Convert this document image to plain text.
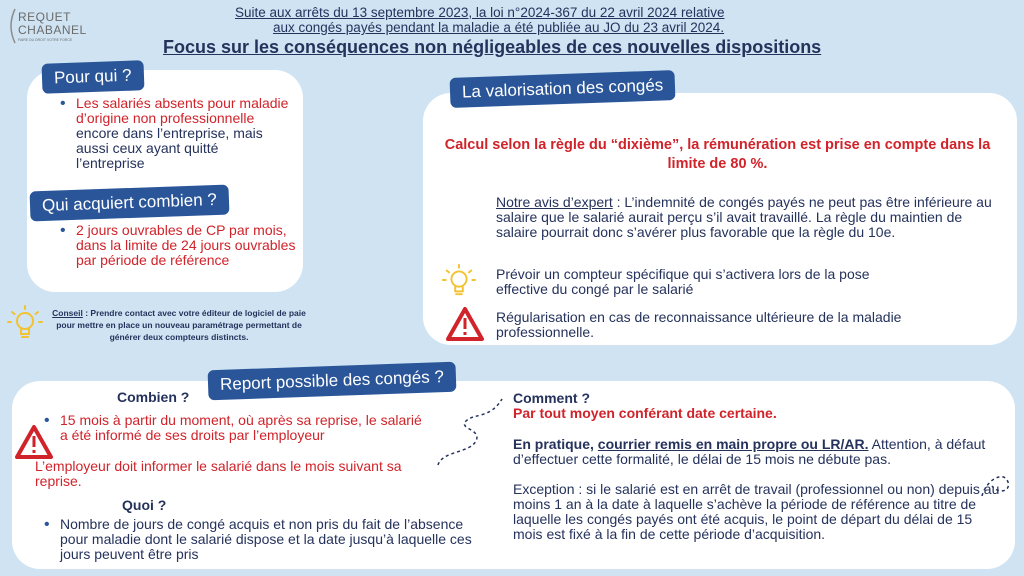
REQUET
CHABANEL
FAIRE DU DROIT VOTRE FORCE
Suite aux arrêts du 13 septembre 2023, la loi n°2024-367 du 22 avril 2024 relative
aux congés payés pendant la maladie a été publiée au JO du 23 avril 2024.
Focus sur les conséquences non négligeables de ces nouvelles dispositions
Pour qui ?
• Les salariés absents pour maladie d’origine non professionnelle encore dans l’entreprise, mais aussi ceux ayant quitté l’entreprise
Qui acquiert combien ?
• 2 jours ouvrables de CP par mois, dans la limite de 24 jours ouvrables par période de référence
Conseil : Prendre contact avec votre éditeur de logiciel de paie pour mettre en place un nouveau paramétrage permettant de générer deux compteurs distincts.
La valorisation des congés
Calcul selon la règle du “dixième”, la rémunération est prise en compte dans la limite de 80 %.
Notre avis d’expert : L’indemnité de congés payés ne peut pas être inférieure au salaire que le salarié aurait perçu s’il avait travaillé. La règle du maintien de salaire pourrait donc s’avérer plus favorable que la règle du 10e.
Prévoir un compteur spécifique qui s’activera lors de la pose effective du congé par le salarié
Régularisation en cas de reconnaissance ultérieure de la maladie professionnelle.
Report possible des congés ?
Combien ?
• 15 mois à partir du moment, où après sa reprise, le salarié a été informé de ses droits par l’employeur
L’employeur doit informer le salarié dans le mois suivant sa reprise.
Quoi ?
• Nombre de jours de congé acquis et non pris du fait de l’absence pour maladie dont le salarié dispose et la date jusqu’à laquelle ces jours peuvent être pris
Comment ?
Par tout moyen conférant date certaine.
En pratique, courrier remis en main propre ou LR/AR. Attention, à défaut d’effectuer cette formalité, le délai de 15 mois ne débute pas.
Exception : si le salarié est en arrêt de travail (professionnel ou non) depuis au moins 1 an à la date à laquelle s’achève la période de référence au titre de laquelle les congés payés ont été acquis, le point de départ du délai de 15 mois est fixé à la fin de cette période d’acquisition.
